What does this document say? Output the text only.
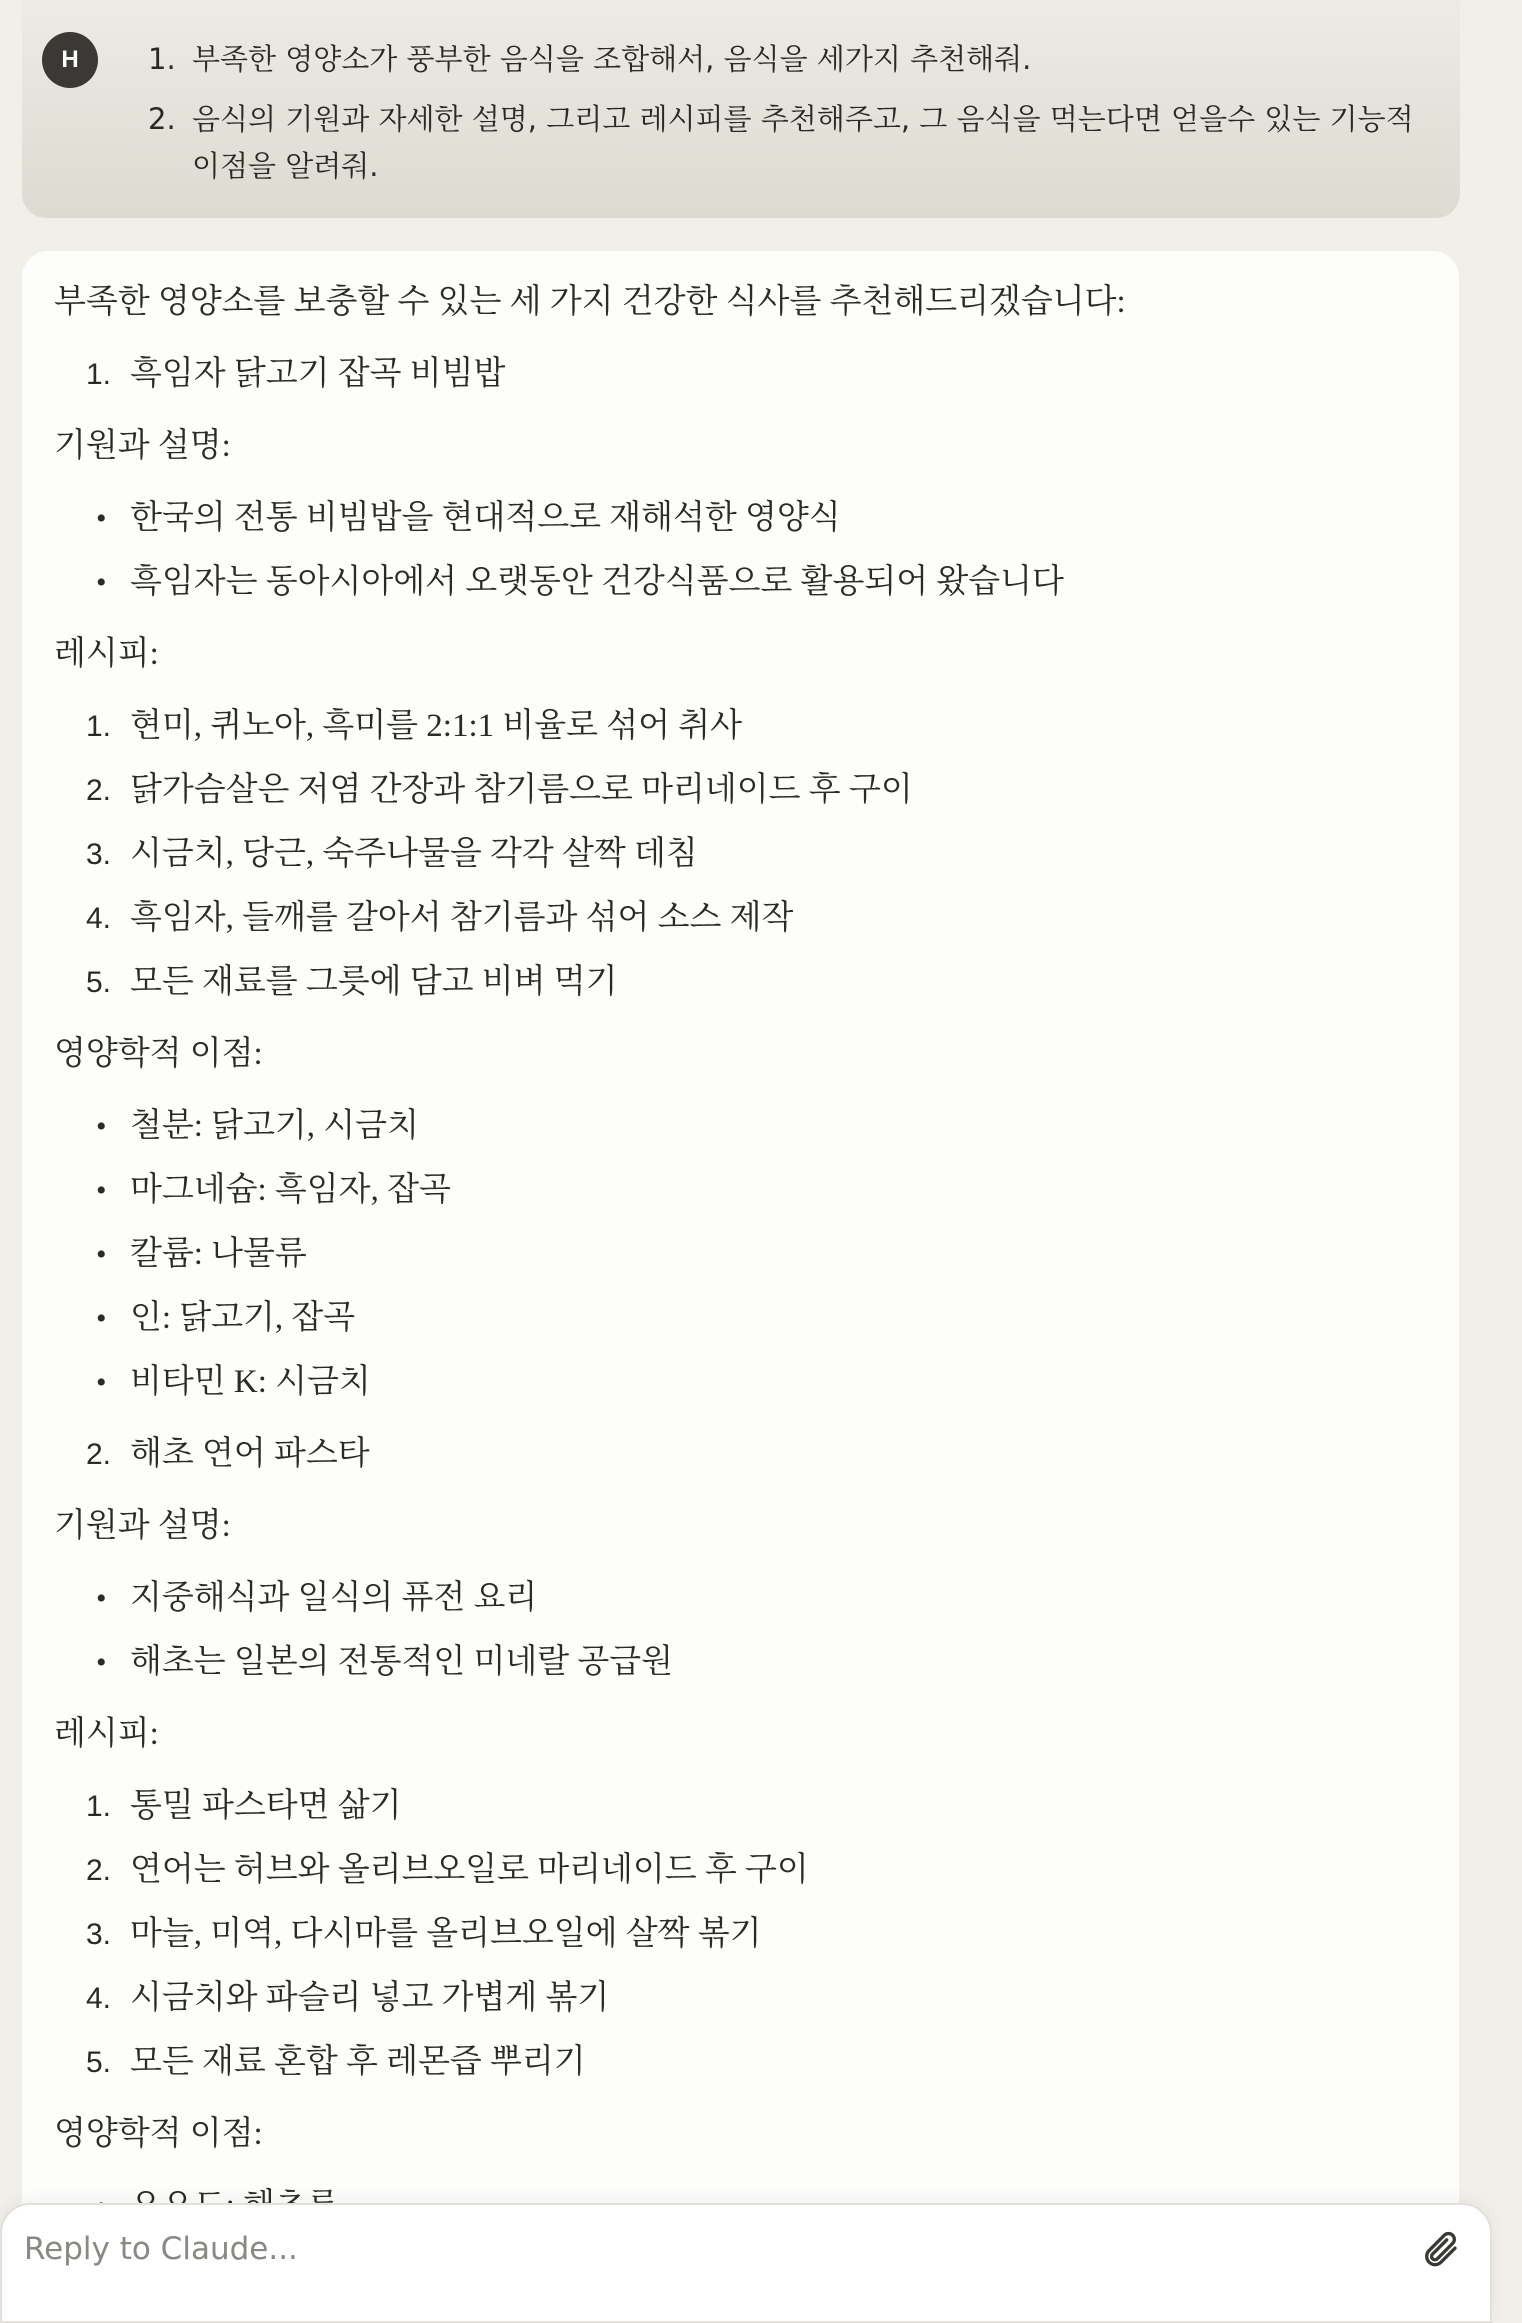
H	1. 부족한 영양소가 풍부한 음식을 조합해서, 음식을 세가지 추천해줘.
2. 음식의 기원과 자세한 설명, 그리고 레시피를 추천해주고, 그 음식을 먹는다면 얻을수 있는 기능적 이점을 알려줘.
부족한 영양소를 보충할 수 있는 세 가지 건강한 식사를 추천해드리겠습니다:
1. 흑임자 닭고기 잡곡 비빔밥
기원과 설명:
• 한국의 전통 비빔밥을 현대적으로 재해석한 영양식
• 흑임자는 동아시아에서 오랫동안 건강식품으로 활용되어 왔습니다
레시피:
1. 현미, 퀴노아, 흑미를 2:1:1 비율로 섞어 취사
2. 닭가슴살은 저염 간장과 참기름으로 마리네이드 후 구이
3. 시금치, 당근, 숙주나물을 각각 살짝 데침
4. 흑임자, 들깨를 갈아서 참기름과 섞어 소스 제작
5. 모든 재료를 그릇에 담고 비벼 먹기
영양학적 이점:
• 철분: 닭고기, 시금치
• 마그네슘: 흑임자, 잡곡
• 칼륨: 나물류
• 인: 닭고기, 잡곡
• 비타민 K: 시금치
2. 해초 연어 파스타
기원과 설명:
• 지중해식과 일식의 퓨전 요리
• 해초는 일본의 전통적인 미네랄 공급원
레시피:
1. 통밀 파스타면 삶기
2. 연어는 허브와 올리브오일로 마리네이드 후 구이
3. 마늘, 미역, 다시마를 올리브오일에 살짝 볶기
4. 시금치와 파슬리 넣고 가볍게 볶기
5. 모든 재료 혼합 후 레몬즙 뿌리기
영양학적 이점:
Reply to Claude...
